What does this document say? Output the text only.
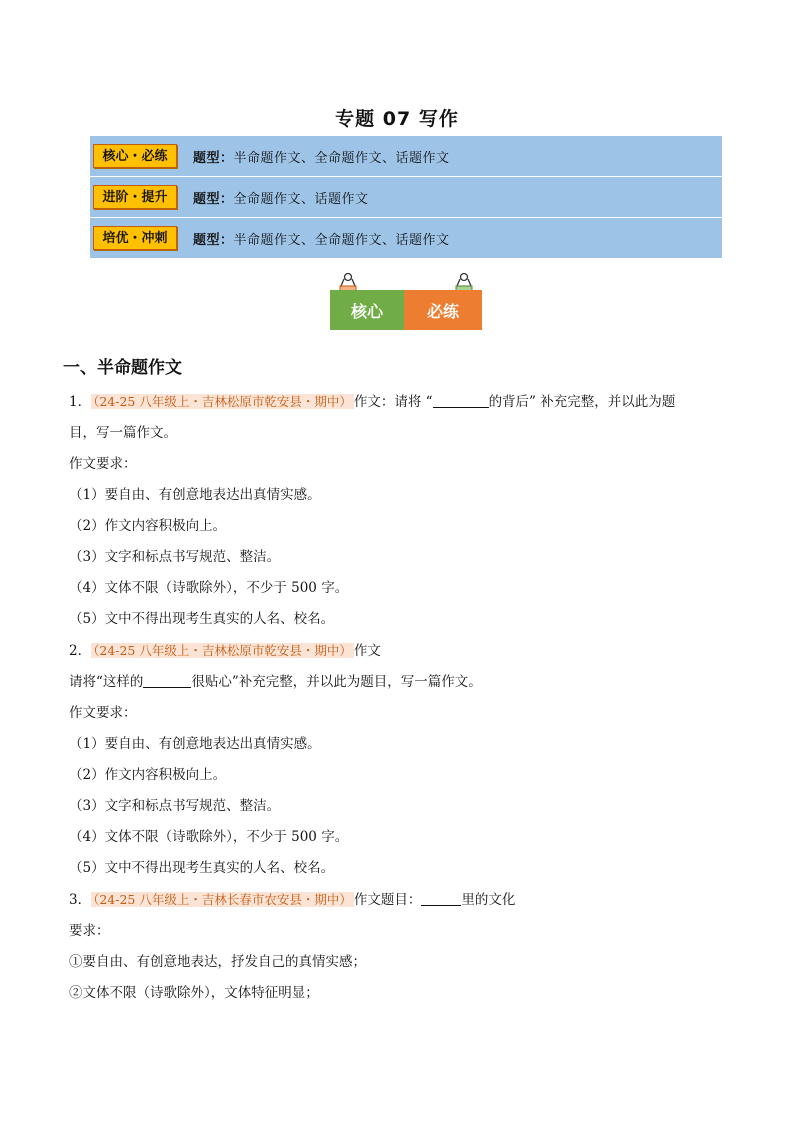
专题 07 写作
核心・必练	题型：半命题作文、全命题作文、话题作文
进阶・提升	题型：全命题作文、话题作文
培优・冲刺	题型：半命题作文、全命题作文、话题作文
核心	必练
一、半命题作文

1． （24-25 八年级上・吉林松原市乾安县・期中） 作文：请将 “	的背后” 补充完整，并以此为题

目，写一篇作文。

作文要求：

（1）要自由、有创意地表达出真情实感。

（2）作文内容积极向上。

（3）文字和标点书写规范、整洁。

（4）文体不限（诗歌除外），不少于 500 字。

（5）文中不得出现考生真实的人名、校名。

2． （24-25 八年级上・吉林松原市乾安县・期中） 作文

请将“这样的	很贴心”补充完整，并以此为题目，写一篇作文。

作文要求：

（1）要自由、有创意地表达出真情实感。

（2）作文内容积极向上。

（3）文字和标点书写规范、整洁。

（4）文体不限（诗歌除外），不少于 500 字。

（5）文中不得出现考生真实的人名、校名。

3． （24-25 八年级上・吉林长春市农安县・期中） 作文题目：	里的文化

要求：

①要自由、有创意地表达，抒发自己的真情实感；

②文体不限（诗歌除外），文体特征明显；
